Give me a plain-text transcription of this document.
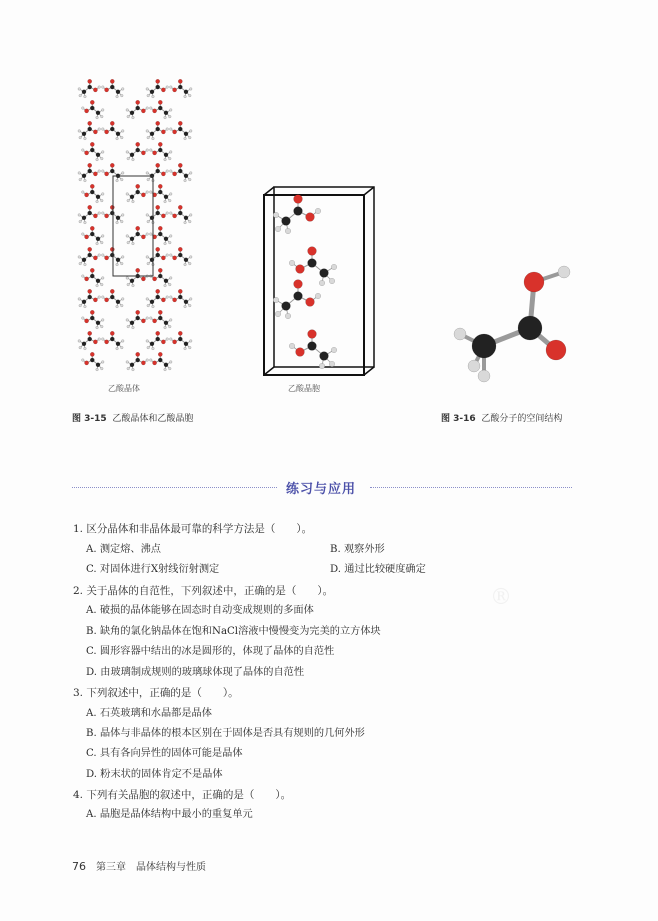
乙酸晶体	乙酸晶胞
图 3-15 乙酸晶体和乙酸晶胞	图 3-16 乙酸分子的空间结构
练习与应用
®
1. 区分晶体和非晶体最可靠的科学方法是（　　）。
A. 测定熔、沸点	B. 观察外形
C. 对固体进行X射线衍射测定	D. 通过比较硬度确定
2. 关于晶体的自范性，下列叙述中，正确的是（　　）。
A. 破损的晶体能够在固态时自动变成规则的多面体
B. 缺角的氯化钠晶体在饱和NaCl溶液中慢慢变为完美的立方体块
C. 圆形容器中结出的冰是圆形的，体现了晶体的自范性
D. 由玻璃制成规则的玻璃球体现了晶体的自范性
3. 下列叙述中，正确的是（　　）。
A. 石英玻璃和水晶都是晶体
B. 晶体与非晶体的根本区别在于固体是否具有规则的几何外形
C. 具有各向异性的固体可能是晶体
D. 粉末状的固体肯定不是晶体
4. 下列有关晶胞的叙述中，正确的是（　　）。
A. 晶胞是晶体结构中最小的重复单元
76 第三章　晶体结构与性质
